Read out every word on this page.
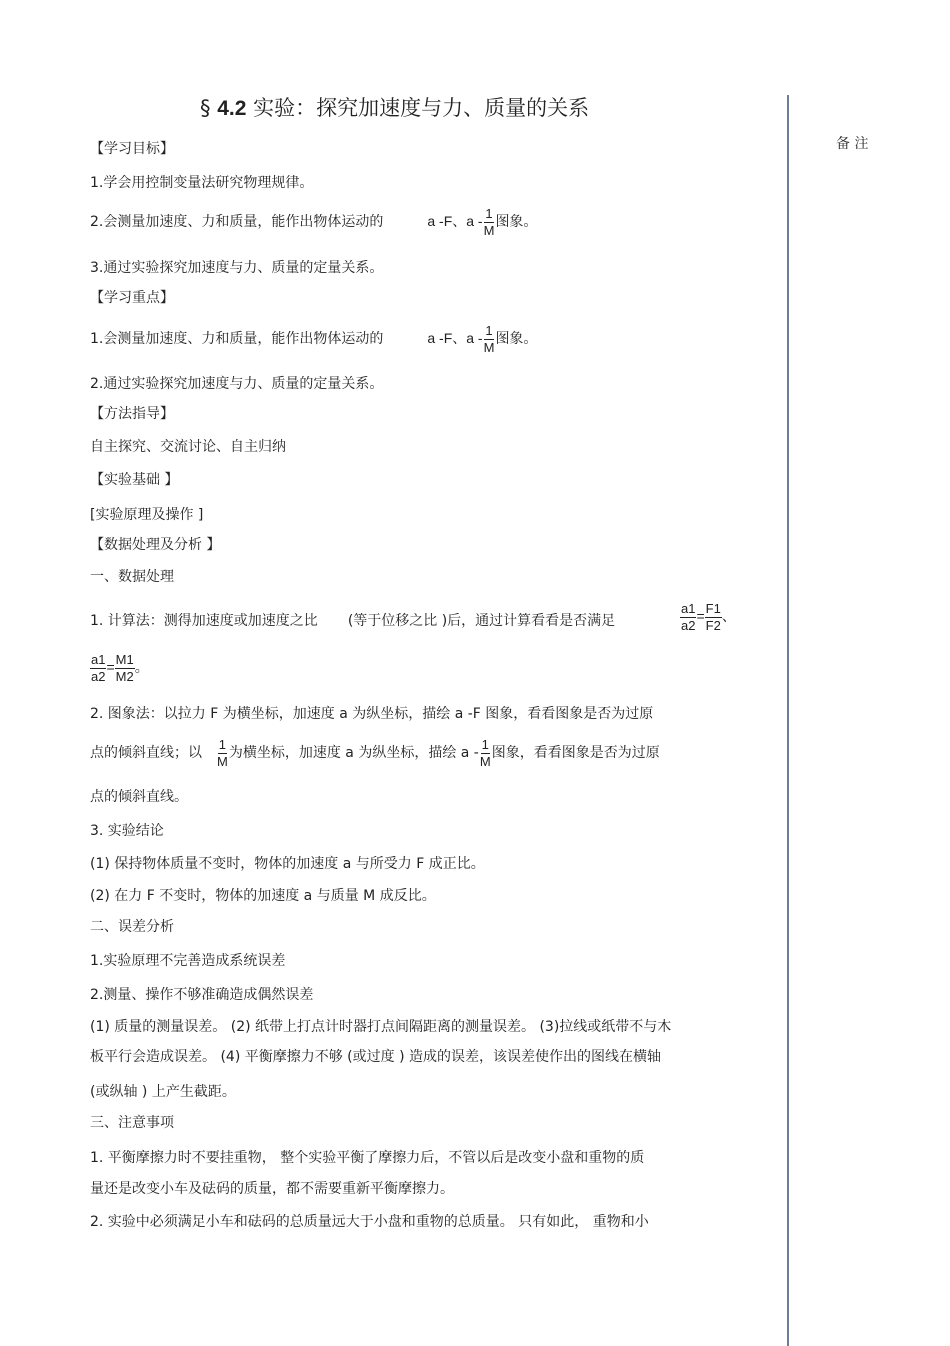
备 注
§ 4.2 实验：探究加速度与力、质量的关系
【学习目标】
1.学会用控制变量法研究物理规律。
2.会测量加速度、力和质量，能作出物体运动的	a -F、a - $\frac{1}{M}$ 图象。
3.通过实验探究加速度与力、质量的定量关系。
【学习重点】
1.会测量加速度、力和质量，能作出物体运动的	a -F、a - $\frac{1}{M}$ 图象。
2.通过实验探究加速度与力、质量的定量关系。
【方法指导】
自主探究、交流讨论、自主归纳
【实验基础 】
[实验原理及操作 ]
【数据处理及分析 】
一、数据处理
1. 计算法：测得加速度或加速度之比 (等于位移之比 )后，通过计算看看是否满足	$\frac{a1}{a2} = \frac{F1}{F2}$ 、
$\frac{a1}{a2} = \frac{M1}{M2}$ 。
2. 图象法：以拉力 F 为横坐标，加速度 a 为纵坐标，描绘 a -F 图象，看看图象是否为过原
点的倾斜直线；以 $\frac{1}{M}$ 为横坐标，加速度 a 为纵坐标，描绘 a - $\frac{1}{M}$ 图象，看看图象是否为过原
点的倾斜直线。
3. 实验结论
(1) 保持物体质量不变时，物体的加速度 a 与所受力 F 成正比。
(2) 在力 F 不变时，物体的加速度 a 与质量 M 成反比。
二、误差分析
1.实验原理不完善造成系统误差
2.测量、操作不够准确造成偶然误差
(1) 质量的测量误差。 (2) 纸带上打点计时器打点间隔距离的测量误差。 (3)拉线或纸带不与木
板平行会造成误差。 (4) 平衡摩擦力不够 (或过度 ) 造成的误差，该误差使作出的图线在横轴
(或纵轴 ) 上产生截距。
三、注意事项
1. 平衡摩擦力时不要挂重物， 整个实验平衡了摩擦力后，不管以后是改变小盘和重物的质
量还是改变小车及砝码的质量，都不需要重新平衡摩擦力。
2. 实验中必须满足小车和砝码的总质量远大于小盘和重物的总质量。 只有如此， 重物和小
